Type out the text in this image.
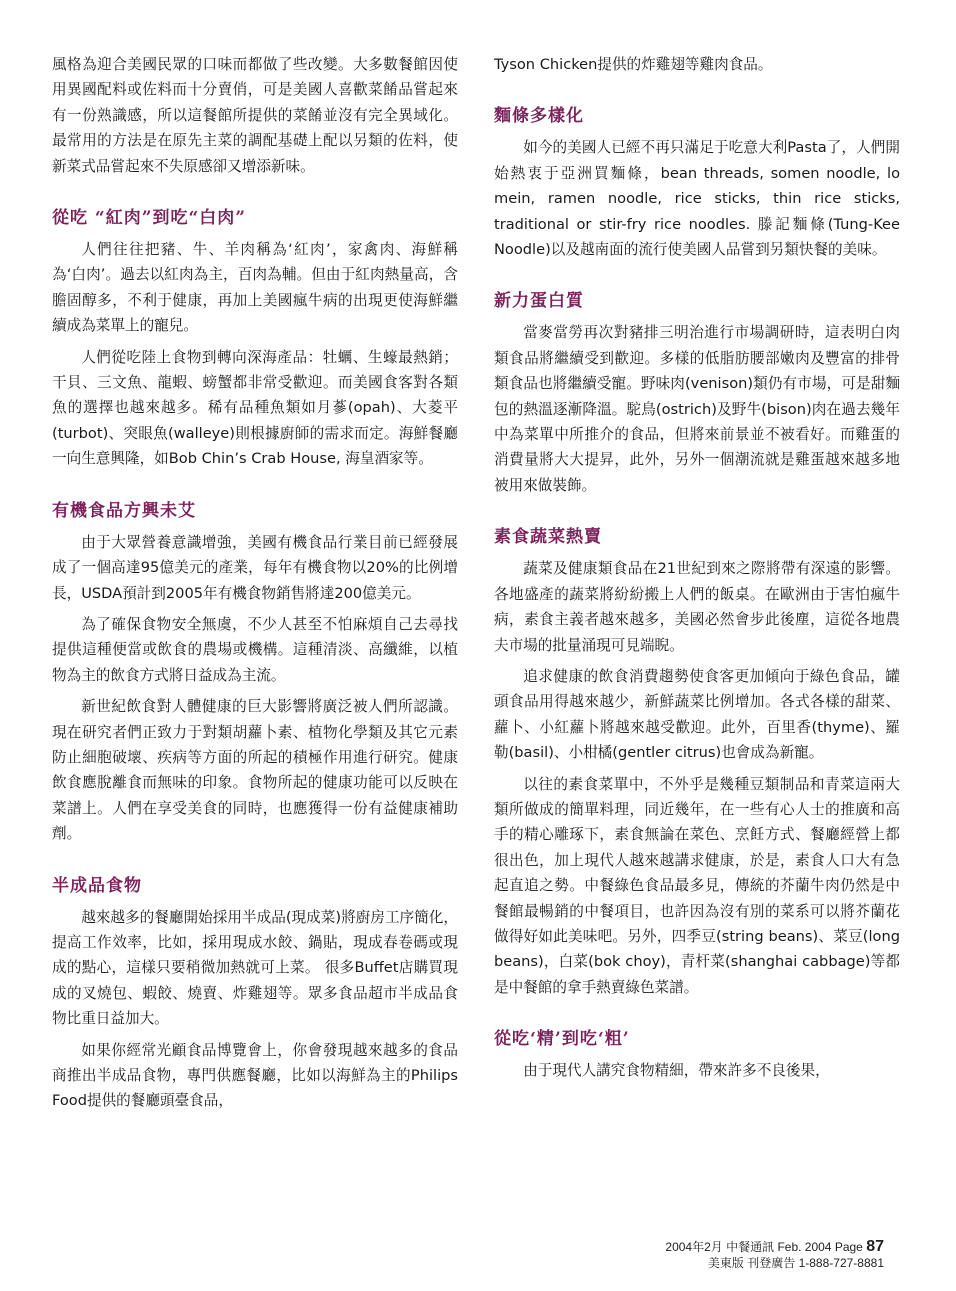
風格為迎合美國民眾的口味而都做了些改變。大多數餐館因使用異國配料或佐料而十分賣俏，可是美國人喜歡菜餚品嘗起來有一份熟識感，所以這餐館所提供的菜餚並沒有完全異域化。最常用的方法是在原先主菜的調配基礎上配以另類的佐料，使新菜式品嘗起來不失原感卻又增添新味。

從吃 “紅肉”到吃“白肉”

人們往往把豬、牛、羊肉稱為‘紅肉’，家禽肉、海鮮稱為‘白肉’。過去以紅肉為主，百肉為輔。但由于紅肉熱量高，含膽固醇多，不利于健康，再加上美國瘋牛病的出現更使海鮮繼續成為菜單上的寵兒。

人們從吃陸上食物到轉向深海產品：牡蠣、生蠔最熱銷；干貝、三文魚、龍蝦、螃蟹都非常受歡迎。而美國食客對各類魚的選擇也越來越多。稀有品種魚類如月蔘(opah)、大菱平(turbot)、突眼魚(walleye)則根據廚師的需求而定。海鮮餐廳一向生意興隆，如Bob Chin’s Crab House, 海皇酒家等。

有機食品方興未艾

由于大眾營養意識增強，美國有機食品行業目前已經發展成了一個高達95億美元的產業，每年有機食物以20%的比例增長，USDA預計到2005年有機食物銷售將達200億美元。

為了確保食物安全無虞，不少人甚至不怕麻煩自己去尋找提供這種便當或飲食的農場或機構。這種清淡、高纖維，以植物為主的飲食方式將日益成為主流。

新世紀飲食對人體健康的巨大影響將廣泛被人們所認識。現在研究者們正致力于對類胡蘿卜素、植物化學類及其它元素防止細胞破壞、疾病等方面的所起的積極作用進行研究。健康飲食應脫離食而無味的印象。食物所起的健康功能可以反映在菜譜上。人們在享受美食的同時，也應獲得一份有益健康補助劑。

半成品食物

越來越多的餐廳開始採用半成品(現成菜)將廚房工序簡化，提高工作效率，比如，採用現成水餃、鍋貼，現成春卷碼或現成的點心，這樣只要稍微加熱就可上菜。 很多Buffet店購買現成的叉燒包、蝦餃、燒賣、炸雞翅等。眾多食品超市半成品食物比重日益加大。

如果你經常光顧食品博覽會上，你會發現越來越多的食品商推出半成品食物，專門供應餐廳，比如以海鮮為主的Philips Food提供的餐廳頭臺食品，

Tyson Chicken提供的炸雞翅等雞肉食品。

麵條多樣化

如今的美國人已經不再只滿足于吃意大利Pasta了，人們開始熱衷于亞洲買麵條，bean threads, somen noodle, lo mein, ramen noodle, rice sticks, thin rice sticks, traditional or stir-fry rice noodles. 滕記麵條(Tung-Kee Noodle)以及越南面的流行使美國人品嘗到另類快餐的美味。

新力蛋白質

當麥當勞再次對豬排三明治進行市場調研時，這表明白肉類食品將繼續受到歡迎。多樣的低脂肪腰部嫩肉及豐富的排骨類食品也將繼續受寵。野味肉(venison)類仍有市場，可是甜麵包的熱溫逐漸降溫。駝鳥(ostrich)及野牛(bison)肉在過去幾年中為菜單中所推介的食品，但將來前景並不被看好。而雞蛋的消費量將大大提昇，此外，另外一個潮流就是雞蛋越來越多地被用來做裝飾。

素食蔬菜熱賣

蔬菜及健康類食品在21世紀到來之際將帶有深遠的影響。各地盛產的蔬菜將紛紛搬上人們的飯桌。在歐洲由于害怕瘋牛病，素食主義者越來越多，美國必然會步此後塵，這從各地農夫市場的批量涌現可見端睨。

追求健康的飲食消費趨勢使食客更加傾向于綠色食品，罐頭食品用得越來越少，新鮮蔬菜比例增加。各式各樣的甜菜、蘿卜、小紅蘿卜將越來越受歡迎。此外，百里香(thyme)、羅勒(basil)、小柑橘(gentler citrus)也會成為新寵。

以往的素食菜單中，不外乎是幾種豆類制品和青菜這兩大類所做成的簡單料理，同近幾年，在一些有心人士的推廣和高手的精心雕琢下，素食無論在菜色、烹飪方式、餐廳經營上都很出色，加上現代人越來越講求健康，於是，素食人口大有急起直追之勢。中餐綠色食品最多見，傳統的芥蘭牛肉仍然是中餐館最暢銷的中餐項目，也許因為沒有別的菜系可以將芥蘭花做得好如此美味吧。另外，四季豆(string beans)、菜豆(long beans)，白菜(bok choy)，青杆菜(shanghai cabbage)等都是中餐館的拿手熱賣綠色菜譜。

從吃‘精’到吃‘粗’

由于現代人講究食物精細，帶來許多不良後果，

2004年2月 中餐通訊 Feb. 2004 Page 87
美東版 刊登廣告 1-888-727-8881
